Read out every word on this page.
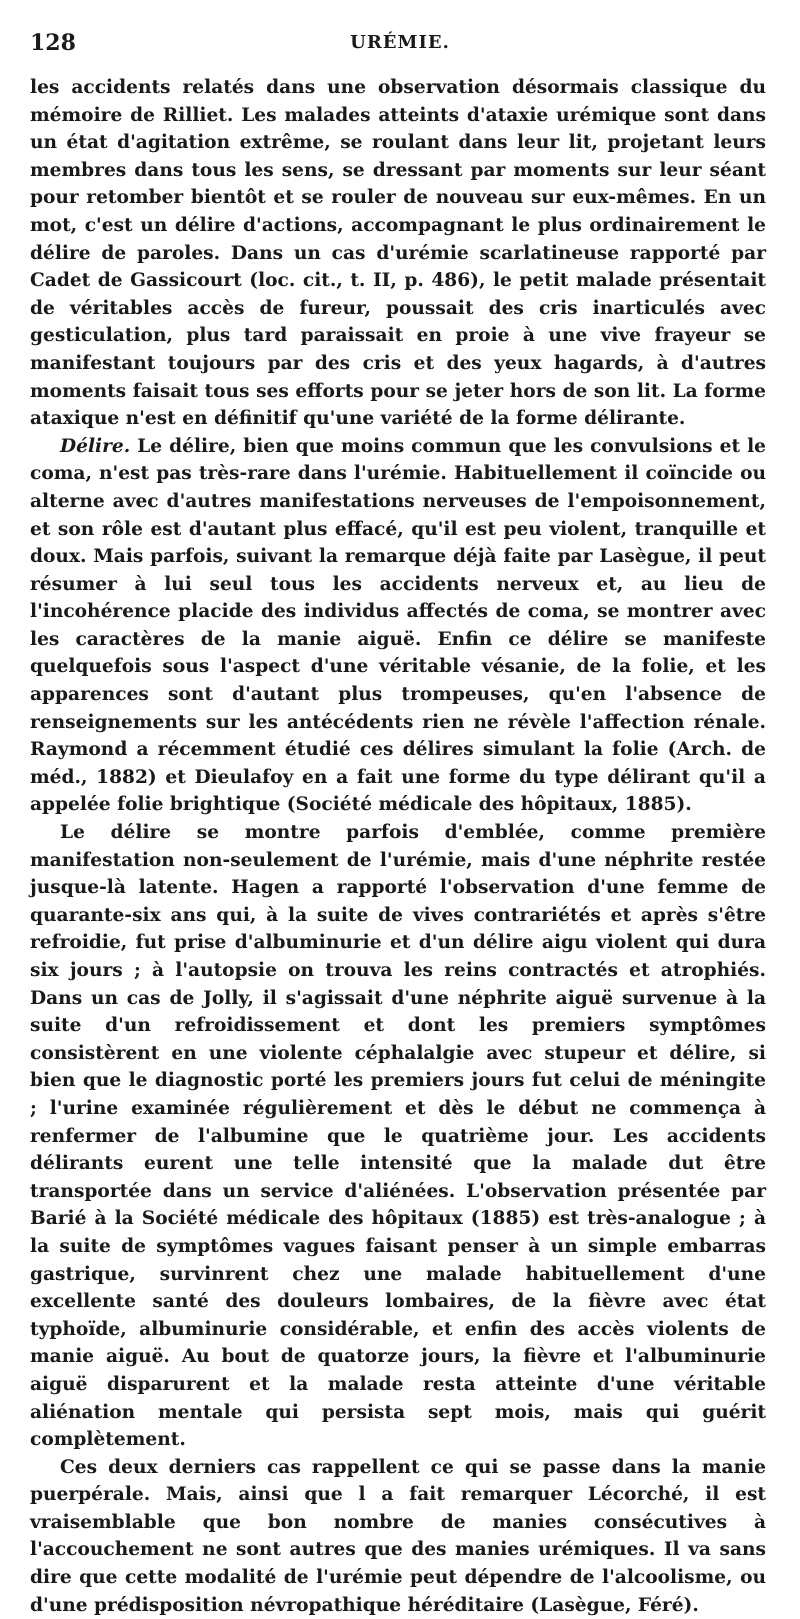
128	URÉMIE.

les accidents relatés dans une observation désormais classique du mémoire de Rilliet. Les malades atteints d'ataxie urémique sont dans un état d'agitation extrême, se roulant dans leur lit, projetant leurs membres dans tous les sens, se dressant par moments sur leur séant pour retomber bientôt et se rouler de nouveau sur eux-mêmes. En un mot, c'est un délire d'actions, accompagnant le plus ordinairement le délire de paroles. Dans un cas d'urémie scarlatineuse rapporté par Cadet de Gassicourt (loc. cit., t. II, p. 486), le petit malade présentait de véritables accès de fureur, poussait des cris inarticulés avec gesticulation, plus tard paraissait en proie à une vive frayeur se manifestant toujours par des cris et des yeux hagards, à d'autres moments faisait tous ses efforts pour se jeter hors de son lit. La forme ataxique n'est en définitif qu'une variété de la forme délirante.

Délire. Le délire, bien que moins commun que les convulsions et le coma, n'est pas très-rare dans l'urémie. Habituellement il coïncide ou alterne avec d'autres manifestations nerveuses de l'empoisonnement, et son rôle est d'autant plus effacé, qu'il est peu violent, tranquille et doux. Mais parfois, suivant la remarque déjà faite par Lasègue, il peut résumer à lui seul tous les accidents nerveux et, au lieu de l'incohérence placide des individus affectés de coma, se montrer avec les caractères de la manie aiguë. Enfin ce délire se manifeste quelquefois sous l'aspect d'une véritable vésanie, de la folie, et les apparences sont d'autant plus trompeuses, qu'en l'absence de renseignements sur les antécédents rien ne révèle l'affection rénale. Raymond a récemment étudié ces délires simulant la folie (Arch. de méd., 1882) et Dieulafoy en a fait une forme du type délirant qu'il a appelée folie brightique (Société médicale des hôpitaux, 1885).

Le délire se montre parfois d'emblée, comme première manifestation non-seulement de l'urémie, mais d'une néphrite restée jusque-là latente. Hagen a rapporté l'observation d'une femme de quarante-six ans qui, à la suite de vives contrariétés et après s'être refroidie, fut prise d'albuminurie et d'un délire aigu violent qui dura six jours ; à l'autopsie on trouva les reins contractés et atrophiés. Dans un cas de Jolly, il s'agissait d'une néphrite aiguë survenue à la suite d'un refroidissement et dont les premiers symptômes consistèrent en une violente céphalalgie avec stupeur et délire, si bien que le diagnostic porté les premiers jours fut celui de méningite ; l'urine examinée régulièrement et dès le début ne commença à renfermer de l'albumine que le quatrième jour. Les accidents délirants eurent une telle intensité que la malade dut être transportée dans un service d'aliénées. L'observation présentée par Barié à la Société médicale des hôpitaux (1885) est très-analogue ; à la suite de symptômes vagues faisant penser à un simple embarras gastrique, survinrent chez une malade habituellement d'une excellente santé des douleurs lombaires, de la fièvre avec état typhoïde, albuminurie considérable, et enfin des accès violents de manie aiguë. Au bout de quatorze jours, la fièvre et l'albuminurie aiguë disparurent et la malade resta atteinte d'une véritable aliénation mentale qui persista sept mois, mais qui guérit complètement.

Ces deux derniers cas rappellent ce qui se passe dans la manie puerpérale. Mais, ainsi que l a fait remarquer Lécorché, il est vraisemblable que bon nombre de manies consécutives à l'accouchement ne sont autres que des manies urémiques. Il va sans dire que cette modalité de l'urémie peut dépendre de l'alcoolisme, ou d'une prédisposition névropathique héréditaire (Lasègue, Féré).
